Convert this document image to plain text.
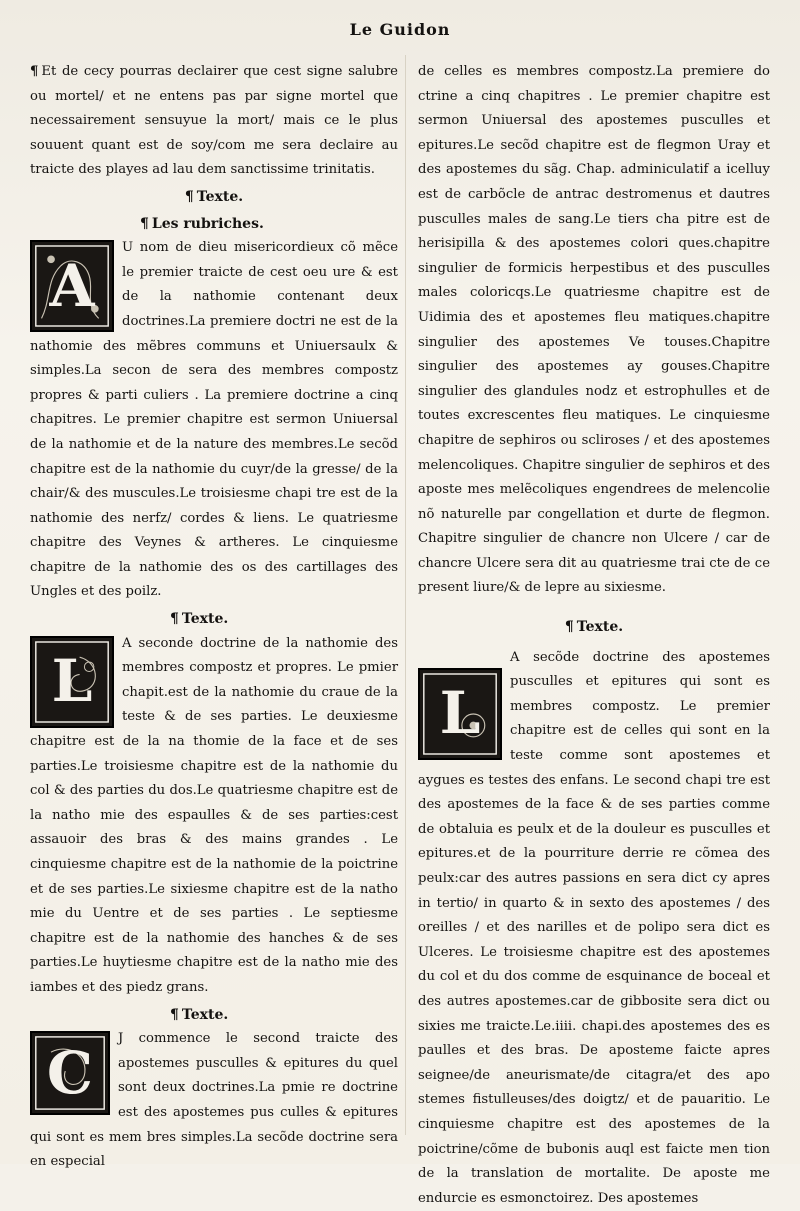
Le Guidon

¶ Et de cecy pourras declairer que cest signe salubre ou mortel/ et ne entens pas par signe mortel que necessairement sensuyue la mort/ mais ce le plus souuent quant est de soy/com me sera declaire au traicte des playes ad lau dem sanctissime trinitatis.

¶ Texte.
¶ Les rubriches.
A

U nom de dieu misericordieux cõ mẽce le premier traicte de cest oeu ure & est de la nathomie contenant deux doctrines.La premiere doctri ne est de la nathomie des mẽbres communs et Uniuersaulx & simples.La secon de sera des membres compostz propres & parti culiers . La premiere doctrine a cinq chapitres. Le premier chapitre est sermon Uniuersal de la nathomie et de la nature des membres.Le secõd chapitre est de la nathomie du cuyr/de la gresse/ de la chair/& des muscules.Le troisiesme chapi tre est de la nathomie des nerfz/ cordes & liens. Le quatriesme chapitre des Veynes & artheres. Le cinquiesme chapitre de la nathomie des os des cartillages des Ungles et des poilz.

¶ Texte.
L

A seconde doctrine de la nathomie des membres compostz et propres. Le pmier chapit.est de la nathomie du craue de la teste & de ses parties. Le deuxiesme chapitre est de la na thomie de la face et de ses parties.Le troisiesme chapitre est de la nathomie du col & des parties du dos.Le quatriesme chapitre est de la natho mie des espaulles & de ses parties:cest assauoir des bras & des mains grandes . Le cinquiesme chapitre est de la nathomie de la poictrine et de ses parties.Le sixiesme chapitre est de la natho mie du Uentre et de ses parties . Le septiesme chapitre est de la nathomie des hanches & de ses parties.Le huytiesme chapitre est de la natho mie des iambes et des piedz grans.

¶ Texte.
C

J commence le second traicte des apostemes pusculles & epitures du quel sont deux doctrines.La pmie re doctrine est des apostemes pus culles & epitures qui sont es mem bres simples.La secõde doctrine sera en especial

de celles es membres compostz.La premiere do ctrine a cinq chapitres . Le premier chapitre est sermon Uniuersal des apostemes pusculles et epitures.Le secõd chapitre est de flegmon Uray et des apostemes du sãg. Chap. adminiculatif a icelluy est de carbõcle de antrac destromenus et dautres pusculles males de sang.Le tiers cha pitre est de herisipilla & des apostemes colori ques.chapitre singulier de formicis herpestibus et des pusculles males coloricqs.Le quatriesme chapitre est de Uidimia des et apostemes fleu matiques.chapitre singulier des apostemes Ve touses.Chapitre singulier des apostemes ay gouses.Chapitre singulier des glandules nodz et estrophulles et de toutes excrescentes fleu matiques. Le cinquiesme chapitre de sephiros ou scliroses / et des apostemes melencoliques. Chapitre singulier de sephiros et des aposte mes melẽcoliques engendrees de melencolie nõ naturelle par congellation et durte de flegmon. Chapitre singulier de chancre non Ulcere / car de chancre Ulcere sera dit au quatriesme trai cte de ce present liure/& de lepre au sixiesme.

¶ Texte.
L

A secõde doctrine des apostemes pusculles et epitures qui sont es membres compostz. Le premier chapitre est de celles qui sont en la teste comme sont apostemes et aygues es testes des enfans. Le second chapi tre est des apostemes de la face & de ses parties comme de obtaluia es peulx et de la douleur es pusculles et epitures.et de la pourriture derrie re cõmea des peulx:car des autres passions en sera dict cy apres in tertio/ in quarto & in sexto des apostemes / des oreilles / et des narilles et de polipo sera dict es Ulceres. Le troisiesme chapitre est des apostemes du col et du dos comme de esquinance de boceal et des autres apostemes.car de gibbosite sera dict ou sixies me traicte.Le.iiii. chapi.des apostemes des es paulles et des bras. De aposteme faicte apres seignee/de aneurismate/de citagra/et des apo stemes fistulleuses/des doigtz/ et de pauaritio. Le cinquiesme chapitre est des apostemes de la poictrine/cõme de bubonis auql est faicte men tion de la translation de mortalite. De aposte me endurcie es esmonctoirez. Des apostemes
